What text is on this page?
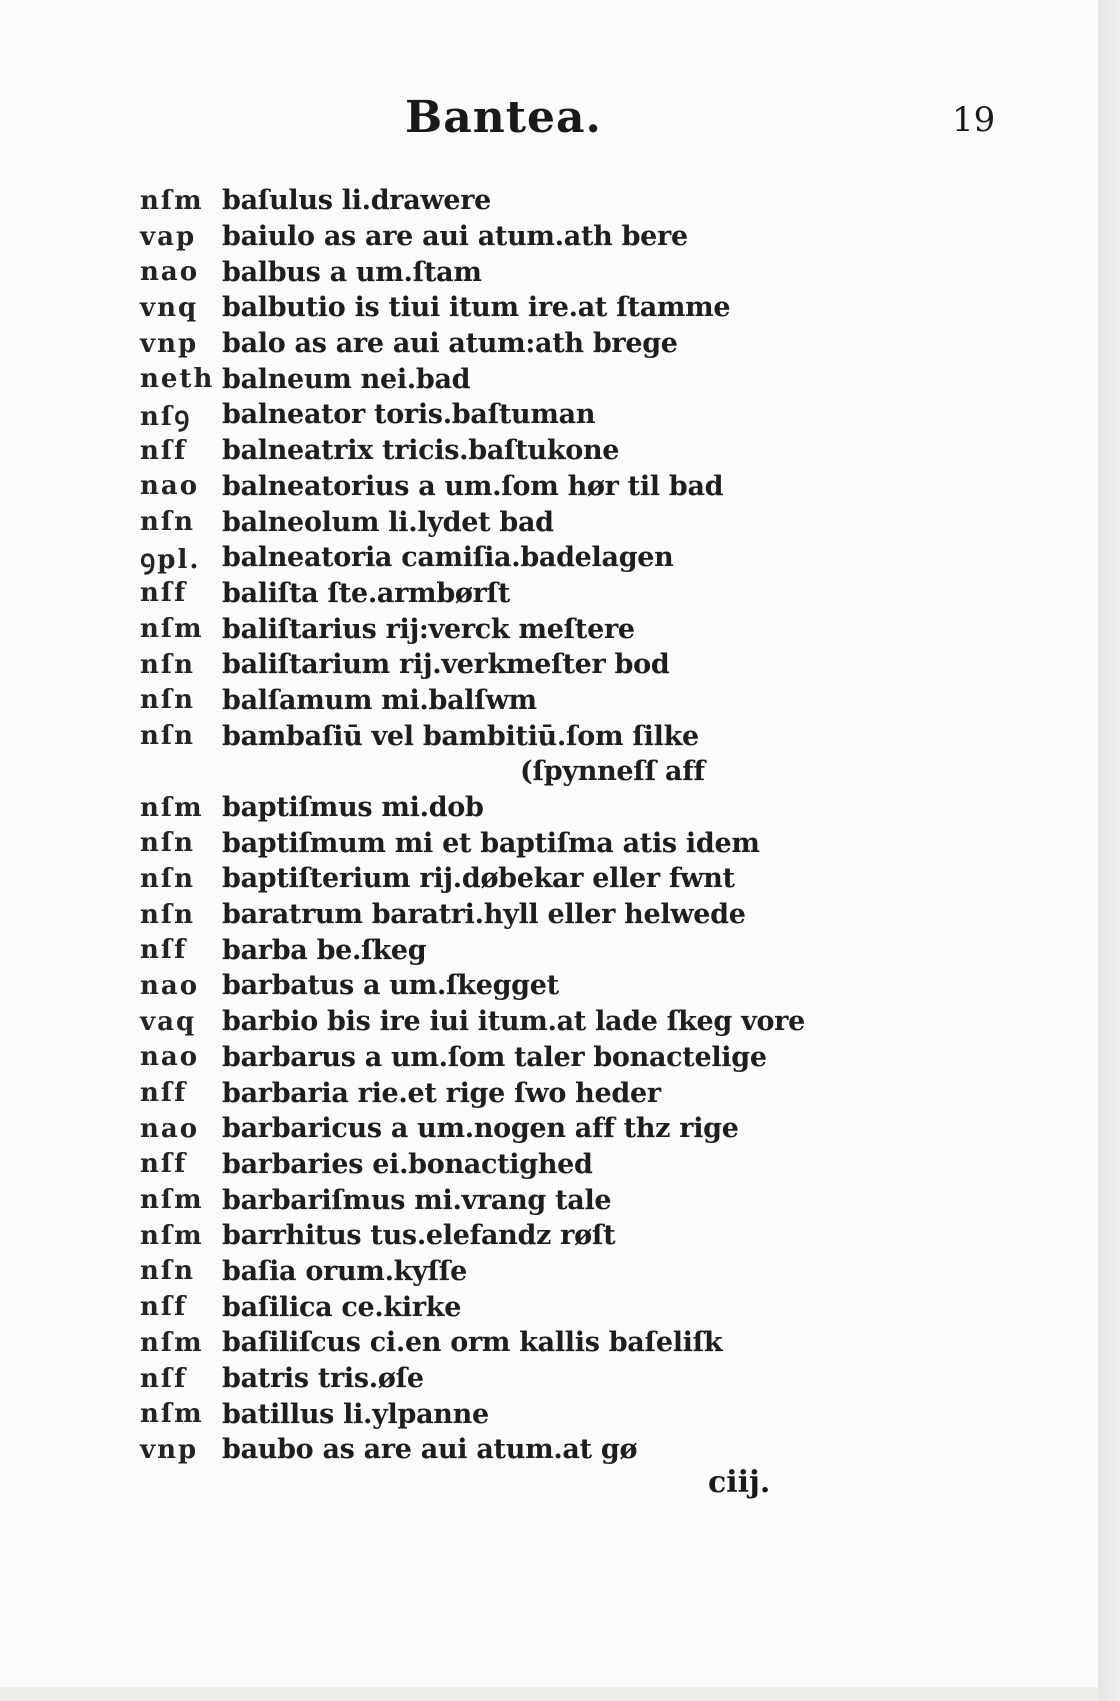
Bantea.	19
nſm baſulus li.drawere
vap baiulo as are aui atum.ath bere
nao balbus a um.ſtam
vnq balbutio is tiui itum ire.at ſtamme
vnp balo as are aui atum:ath brege
neth balneum nei.bad
nſꝯ	balneator toris.baſtuman
nſf	balneatrix tricis.baſtukone
nao balneatorius a um.ſom hør til bad
nſn	balneolum li.lydet bad
ꝯpl. balneatoria camiſia.badelagen
nſf	baliſta ſte.armbørſt
nſm baliſtarius rij:verck meſtere
nſn	baliſtarium rij.verkmeſter bod
nſn	balſamum mi.balſwm
nſn	bambaſiū vel bambitiū.ſom ſilke
(ſpynneſſ aff
nſm baptiſmus mi.dob
nſn	baptiſmum mi et baptiſma atis idem
nſn	baptiſterium rij.døbekar eller fwnt
nſn	baratrum baratri.hyll eller helwede
nſf	barba be.ſkeg
nao barbatus a um.ſkegget
vaq barbio bis ire iui itum.at lade ſkeg vore
nao barbarus a um.ſom taler bonactelige
nſf	barbaria rie.et rige ſwo heder
nao barbaricus a um.nogen aff thz rige
nſf	barbaries ei.bonactighed
nſm barbariſmus mi.vrang tale
nſm barrhitus tus.elefandz røſt
nſn	baſia orum.kyſſe
nſf	baſilica ce.kirke
nſm baſiliſcus ci.en orm kallis baſeliſk
nſf	batris tris.øſe
nſm batillus li.ylpanne
vnp baubo as are aui atum.at gø
ciij.
